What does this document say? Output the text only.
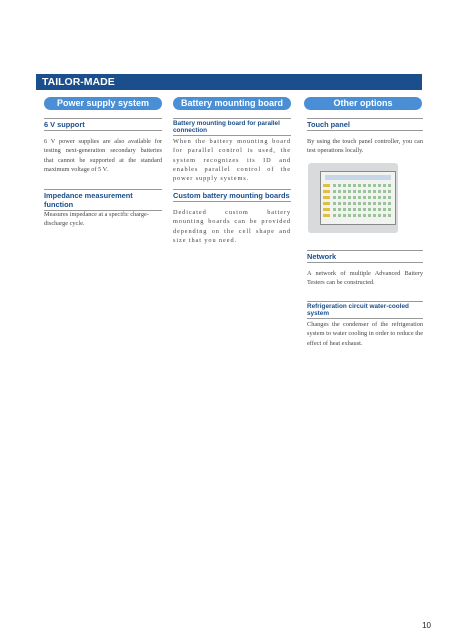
TAILOR-MADE
Power supply system	Battery mounting board	Other options
6 V support
6 V power supplies are also available for testing next-generation secondary batteries that cannot be supported at the standard maximum voltage of 5 V.
Impedance measurement function
Measures impedance at a specific charge-discharge cycle.
Battery mounting board for parallel connection
When the battery mounting board for parallel control is used, the system recognizes its ID and enables parallel control of the power supply systems.
Custom battery mounting boards
Dedicated custom battery mounting boards can be provided depending on the cell shape and size that you need.
Touch panel
By using the touch panel controller, you can test operations locally.
Network
A network of multiple Advanced Battery Testers can be constructed.
Refrigeration circuit water-cooled system
Changes the condenser of the refrigeration system to water cooling in order to reduce the effect of heat exhaust.
10
